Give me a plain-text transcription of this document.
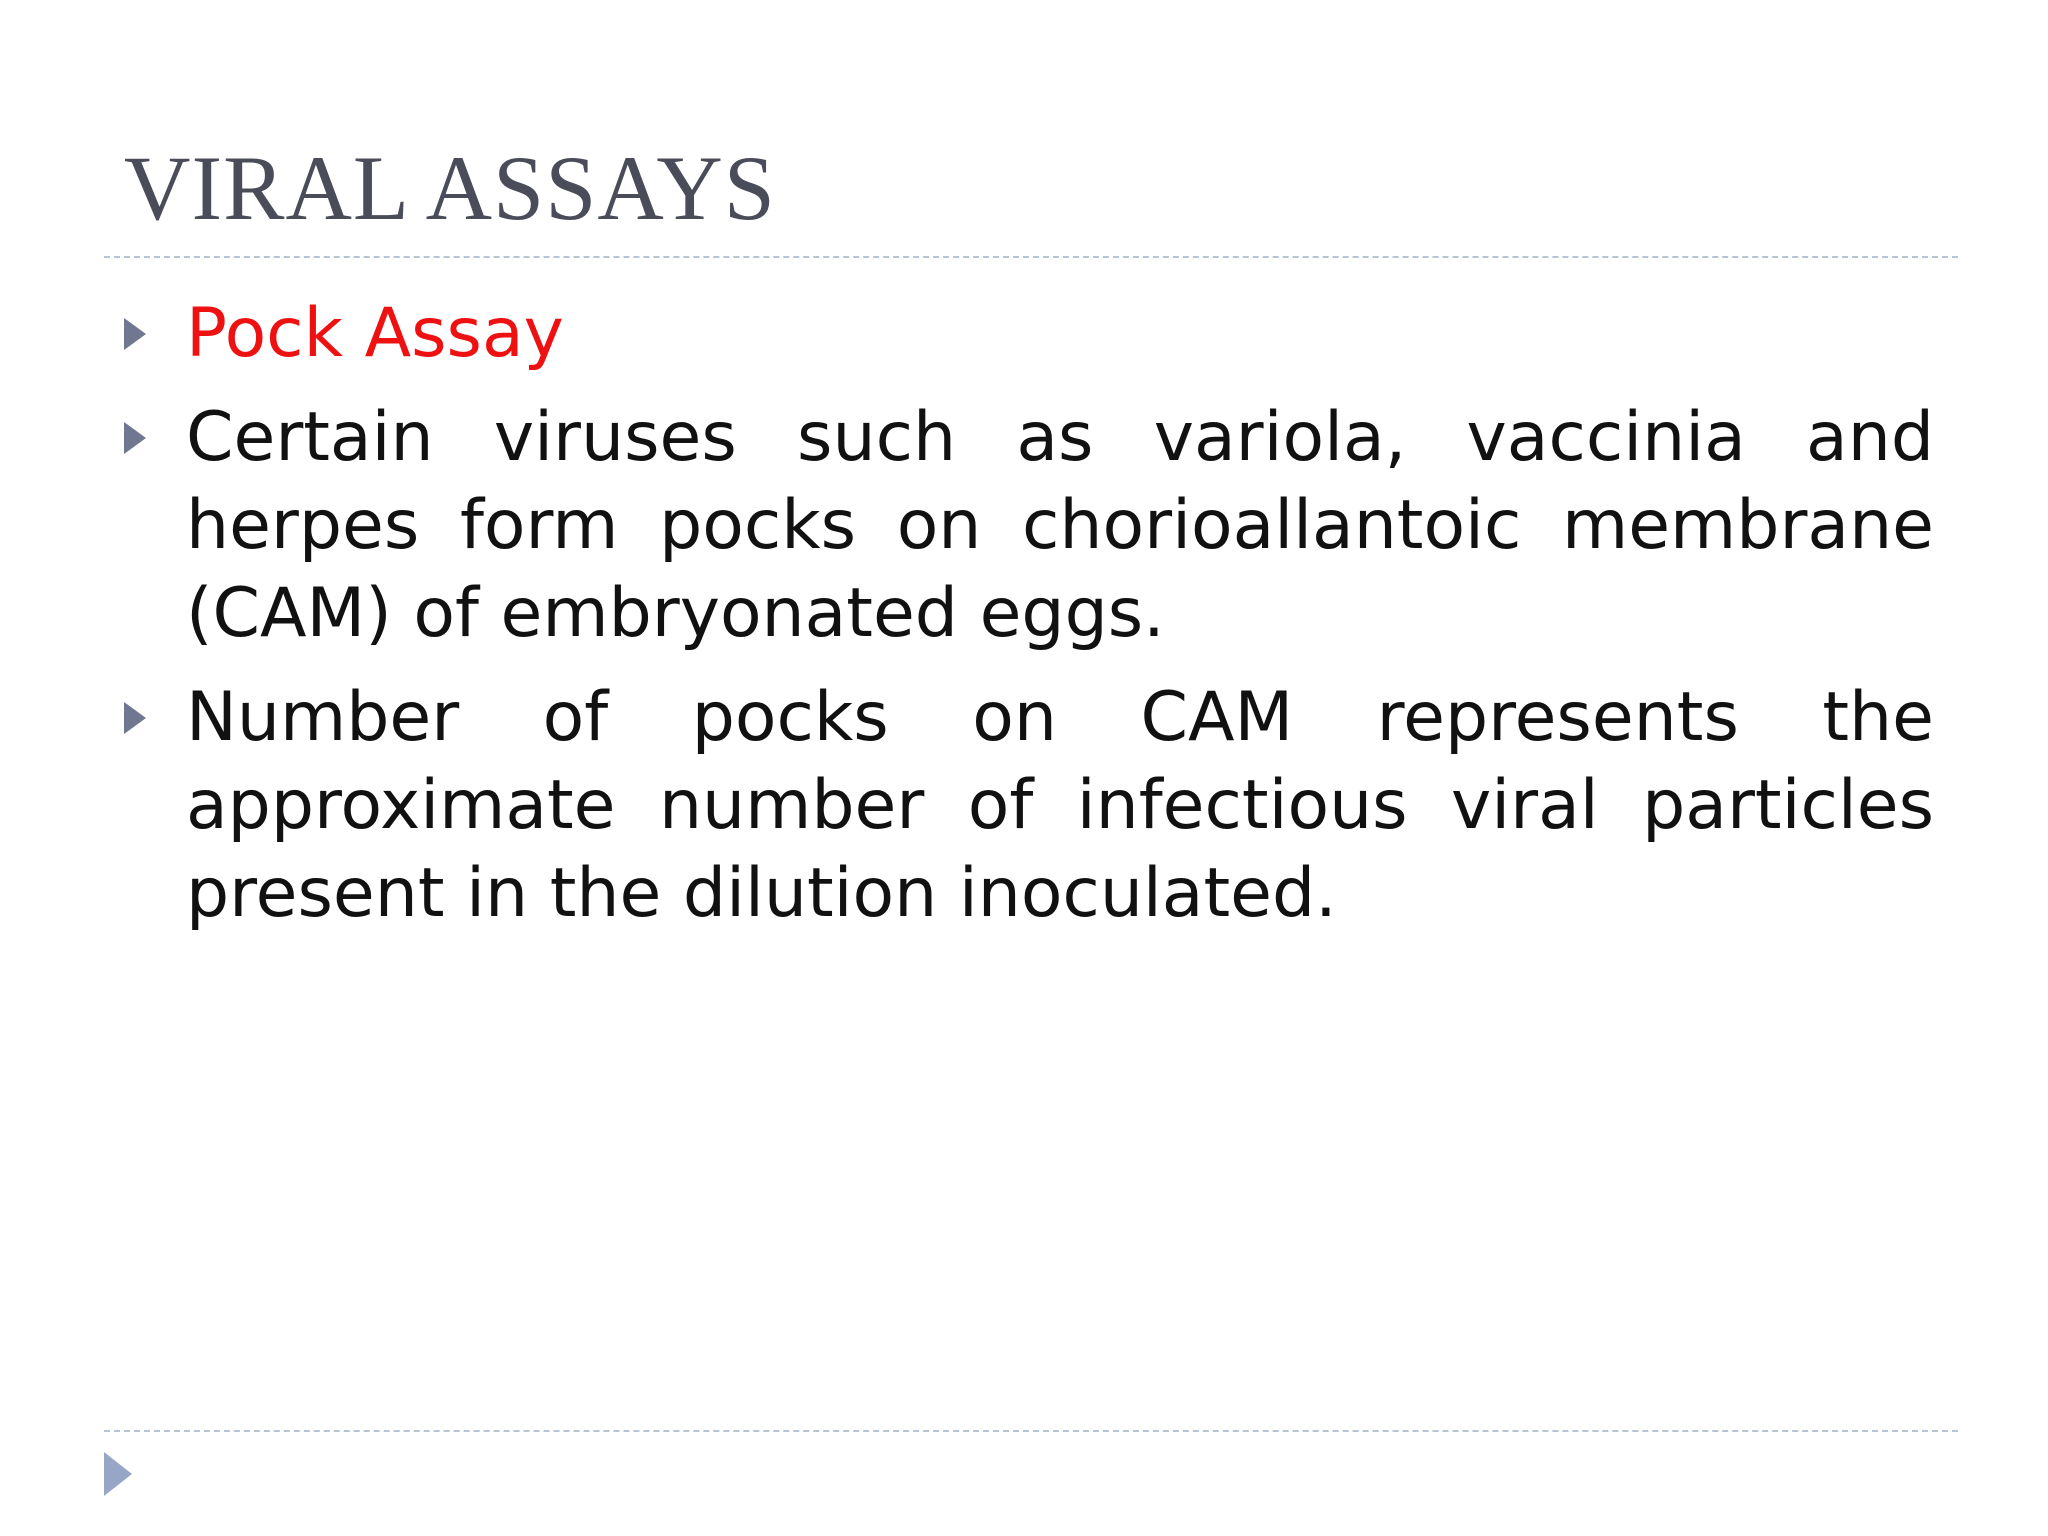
VIRAL ASSAYS
Pock Assay
Certain viruses such as variola, vaccinia and herpes form pocks on chorioallantoic membrane (CAM) of embryonated eggs.
Number of pocks on CAM represents the approximate number of infectious viral particles present in the dilution inoculated.
